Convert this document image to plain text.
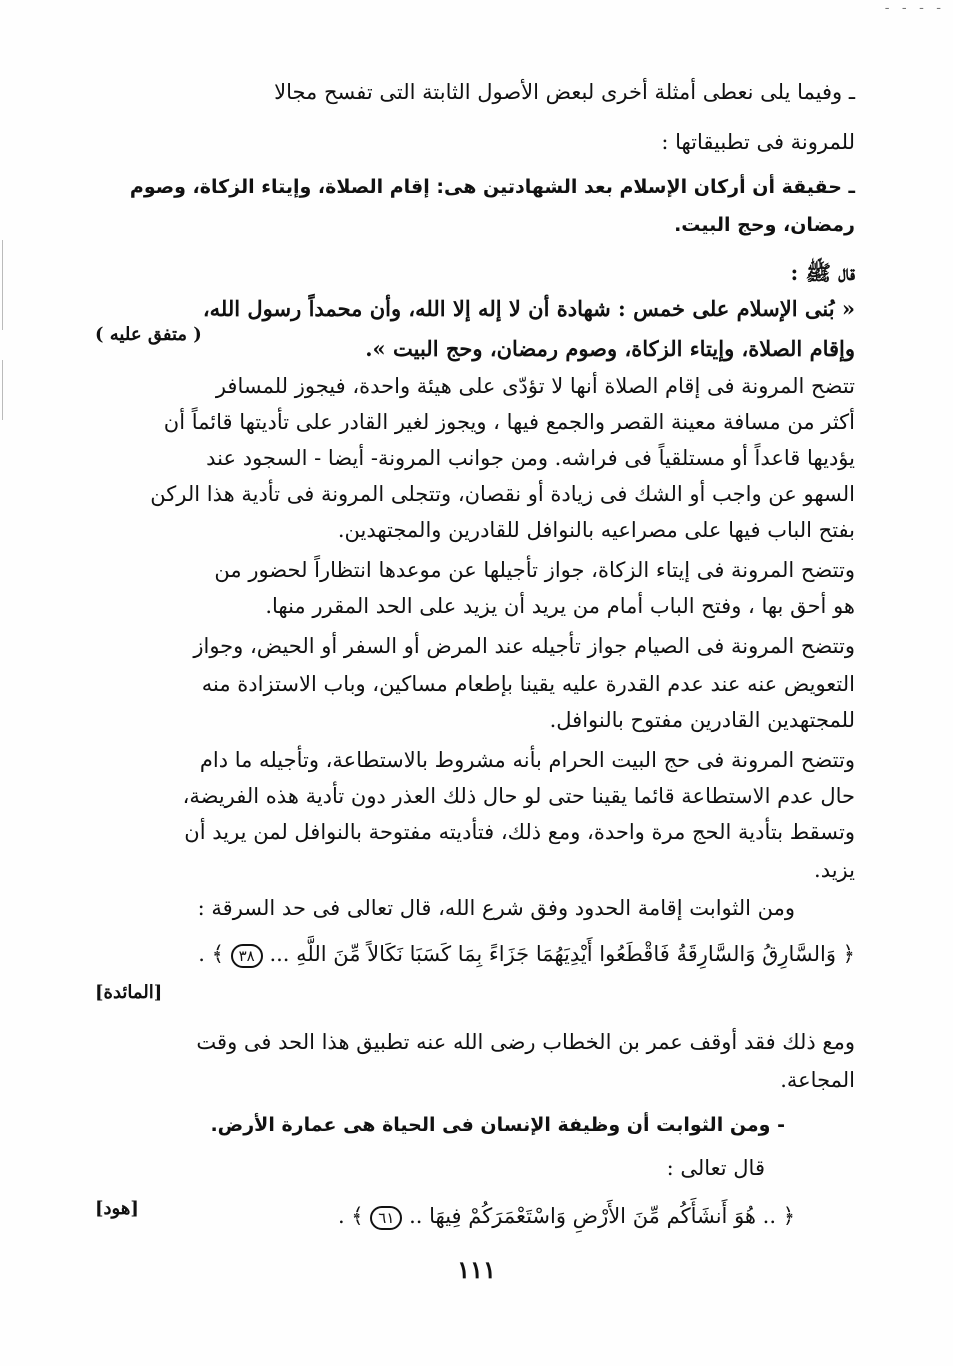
- - - -
ـ وفيما يلى نعطى أمثلة أخرى لبعض الأصول الثابتة التى تفسح مجالا
للمرونة فى تطبيقاتها :
ـ حقيقة أن أركان الإسلام بعد الشهادتين هى: إقام الصلاة، وإيتاء الزكاة، وصوم
رمضان، وحج البيت.
قال ﷺ :
« بُنى الإسلام على خمس : شهادة أن لا إله إلا الله، وأن محمداً رسول الله،
( متفق عليه )
وإقام الصلاة، وإيتاء الزكاة، وصوم رمضان، وحج البيت ».
تتضح المرونة فى إقام الصلاة أنها لا تؤدّى على هيئة واحدة، فيجوز للمسافر
أكثر من مسافة معينة القصر والجمع فيها ، ويجوز لغير القادر على تأديتها قائماً أن
يؤديها قاعداً أو مستلقياً فى فراشه. ومن جوانب المرونة- أيضا - السجود عند
السهو عن واجب أو الشك فى زيادة أو نقصان، وتتجلى المرونة فى تأدية هذا الركن
بفتح الباب فيها على مصراعيه بالنوافل للقادرين والمجتهدين.
وتتضح المرونة فى إيتاء الزكاة، جواز تأجيلها عن موعدها انتظاراً لحضور من
هو أحق بها ، وفتح الباب أمام من يريد أن يزيد على الحد المقرر منها.
وتتضح المرونة فى الصيام جواز تأجيله عند المرض أو السفر أو الحيض، وجواز
التعويض عنه عند عدم القدرة عليه يقينا بإطعام مساكين، وباب الاستزادة منه
للمجتهدين القادرين مفتوح بالنوافل.
وتتضح المرونة فى حج البيت الحرام بأنه مشروط بالاستطاعة، وتأجيله ما دام
حال عدم الاستطاعة قائما يقينا حتى لو حال ذلك العذر دون تأدية هذه الفريضة،
وتسقط بتأدية الحج مرة واحدة، ومع ذلك، فتأديته مفتوحة بالنوافل لمن يريد أن
يزيد.
ومن الثوابت إقامة الحدود وفق شرع الله، قال تعالى فى حد السرقة :
﴿ وَالسَّارِقُ وَالسَّارِقَةُ فَاقْطَعُوا أَيْدِيَهُمَا جَزَاءً بِمَا كَسَبَا نَكَالاً مِّنَ اللَّهِ ... ٣٨ ﴾ .
[المائدة]
ومع ذلك فقد أوقف عمر بن الخطاب رضى الله عنه تطبيق هذا الحد فى وقت
المجاعة.
- ومن الثوابت أن وظيفة الإنسان فى الحياة هى عمارة الأرض.
قال تعالى :
﴿ .. هُوَ أَنشَأَكُم مِّنَ الأَرْضِ وَاسْتَعْمَرَكُمْ فِيهَا .. ٦١ ﴾ .
[هود]
١١١
